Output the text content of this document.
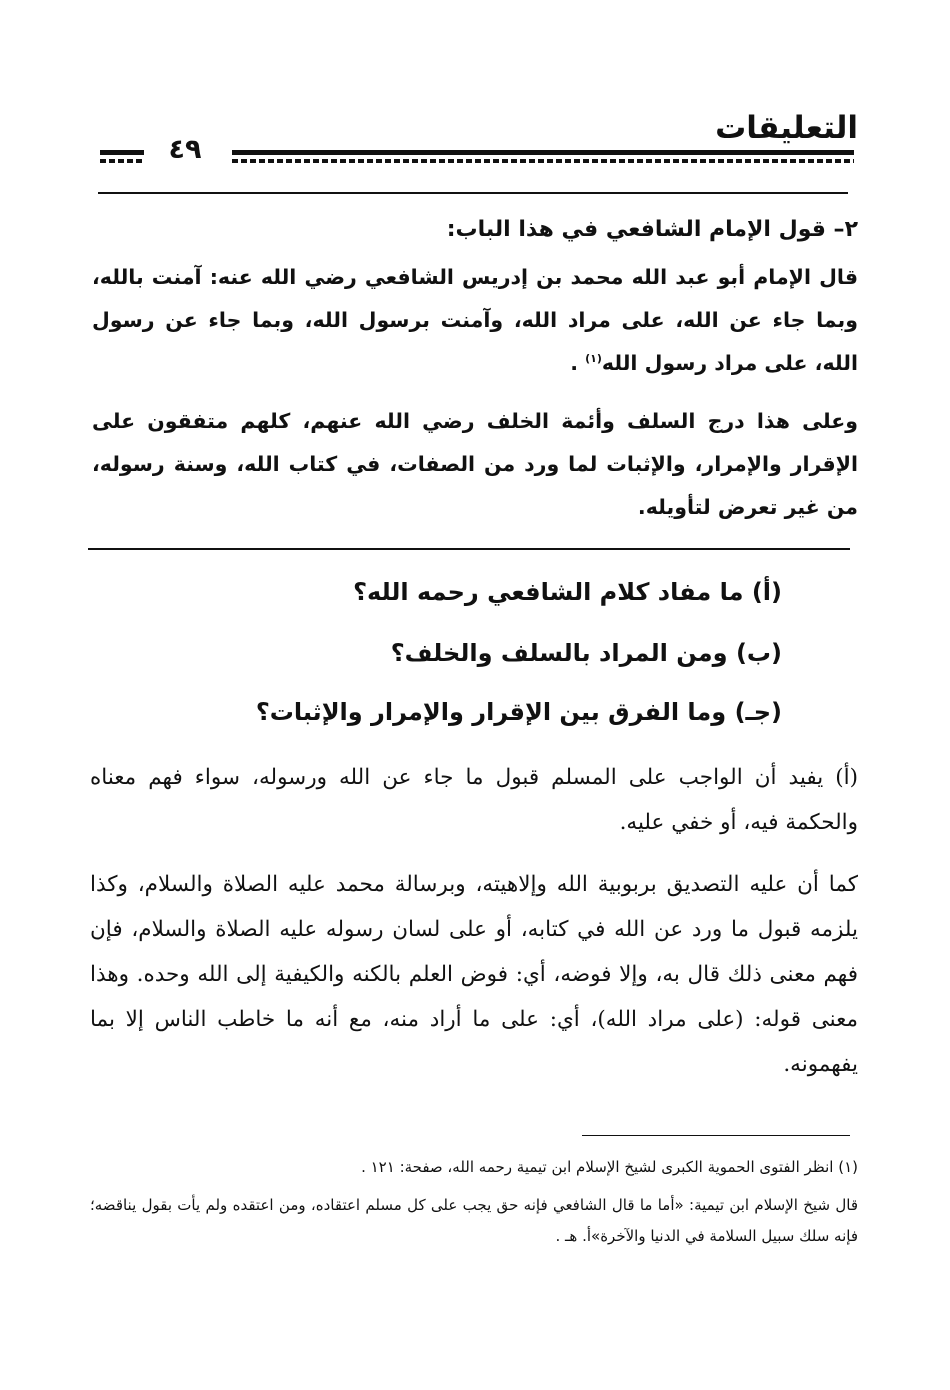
التعليقات
٤٩
٢– قول الإمام الشافعي في هذا الباب:
قال الإمام أبو عبد الله محمد بن إدريس الشافعي رضي الله عنه: آمنت بالله، وبما جاء عن الله، على مراد الله، وآمنت برسول الله، وبما جاء عن رسول الله، على مراد رسول الله$^{(١)}$ .
وعلى هذا درج السلف وأئمة الخلف رضي الله عنهم، كلهم متفقون على الإقرار والإمرار، والإثبات لما ورد من الصفات، في كتاب الله، وسنة رسوله، من غير تعرض لتأويله.
(أ) ما مفاد كلام الشافعي رحمه الله؟
(ب) ومن المراد بالسلف والخلف؟
(جـ) وما الفرق بين الإقرار والإمرار والإثبات؟
(أ) يفيد أن الواجب على المسلم قبول ما جاء عن الله ورسوله، سواء فهم معناه والحكمة فيه، أو خفي عليه.
كما أن عليه التصديق بربوبية الله وإلاهيته، وبرسالة محمد عليه الصلاة والسلام، وكذا يلزمه قبول ما ورد عن الله في كتابه، أو على لسان رسوله عليه الصلاة والسلام، فإن فهم معنى ذلك قال به، وإلا فوضه، أي: فوض العلم بالكنه والكيفية إلى الله وحده. وهذا معنى قوله: (على مراد الله)، أي: على ما أراد منه، مع أنه ما خاطب الناس إلا بما يفهمونه.
(١) انظر الفتوى الحموية الكبرى لشيخ الإسلام ابن تيمية رحمه الله، صفحة: ١٢١ .
قال شيخ الإسلام ابن تيمية: «أما ما قال الشافعي فإنه حق يجب على كل مسلم اعتقاده، ومن اعتقده ولم يأت بقول يناقضه؛ فإنه سلك سبيل السلامة في الدنيا والآخرة»أ. هـ .
